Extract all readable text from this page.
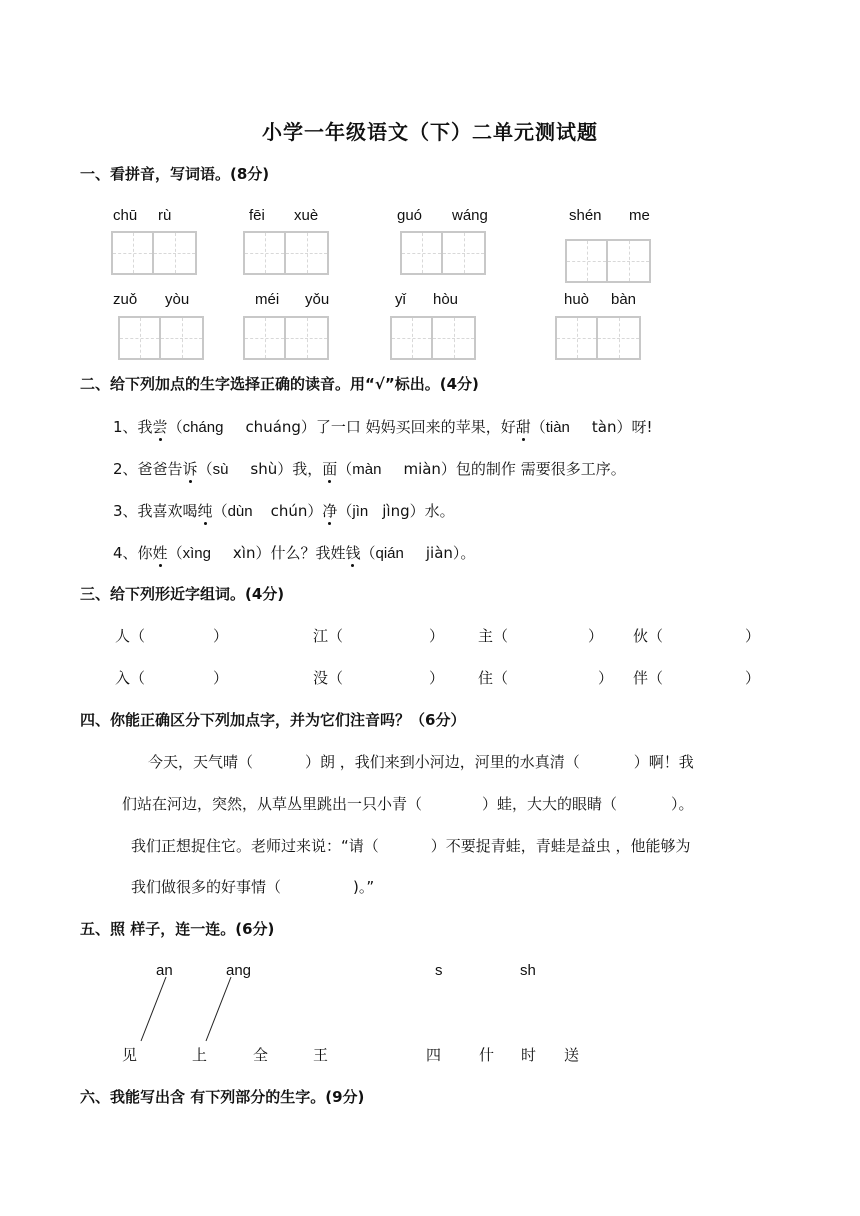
小学一年级语文（下）二单元测试题
一、看拼音，写词语。(8分)
chū rù	fēi xuè	guó wáng	shén me
zuǒ yòu	méi yǒu	yǐ hòu	huò bàn
二、给下列加点的生字选择正确的读音。用“√”标出。(4分)
1、我尝（cháng chuáng）了一口 妈妈买回来的苹果，好甜（tiàn tàn）呀!
2、爸爸告诉（sù shù）我，面（màn miàn）包的制作 需要很多工序。
3、我喜欢喝纯（dùn chún）净（jìn jìng）水。
4、你姓（xìng xìn）什么？我姓钱（qián jiàn）。
三、给下列形近字组词。(4分)
人（	）	江（	） 主（	） 伙（	）
入（	）	没（	） 住（	） 伴（	）
四、你能正确区分下列加点字，并为它们注音吗？（6分）
今天，天气晴（	）朗 ，我们来到小河边，河里的水真清（	）啊！我
们站在河边，突然，从草丛里跳出一只小青（	）蛙，大大的眼睛（	）。
我们正想捉住它。老师过来说：“请（	）不要捉青蛙，青蛙是益虫 ，他能够为
我们做很多的好事情（	)。”
五、照 样子，连一连。(6分)
an	ang	s	sh
见	上	全	王	四	什 时 送
六、我能写出含 有下列部分的生字。(9分)
